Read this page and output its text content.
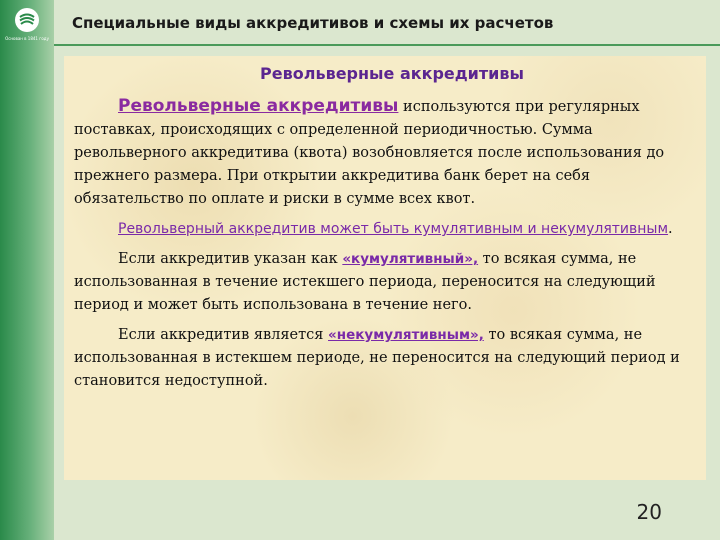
Основан в 1841 году
Специальные виды аккредитивов и схемы их расчетов
Револьверные аккредитивы

Револьверные аккредитивы используются при регулярных поставках, происходящих с определенной периодичностью. Сумма револьверного аккредитива (квота) возобновляется после использования до прежнего размера. При открытии аккредитива банк берет на себя обязательство по оплате и риски в сумме всех квот.

Револьверный аккредитив может быть кумулятивным и некумулятивным.

Если аккредитив указан как «кумулятивный», то всякая сумма, не использованная в течение истекшего периода, переносится на следующий период и может быть использована в течение него.

Если аккредитив является «некумулятивным», то всякая сумма, не использованная в истекшем периоде, не переносится на следующий период и становится недоступной.

20
